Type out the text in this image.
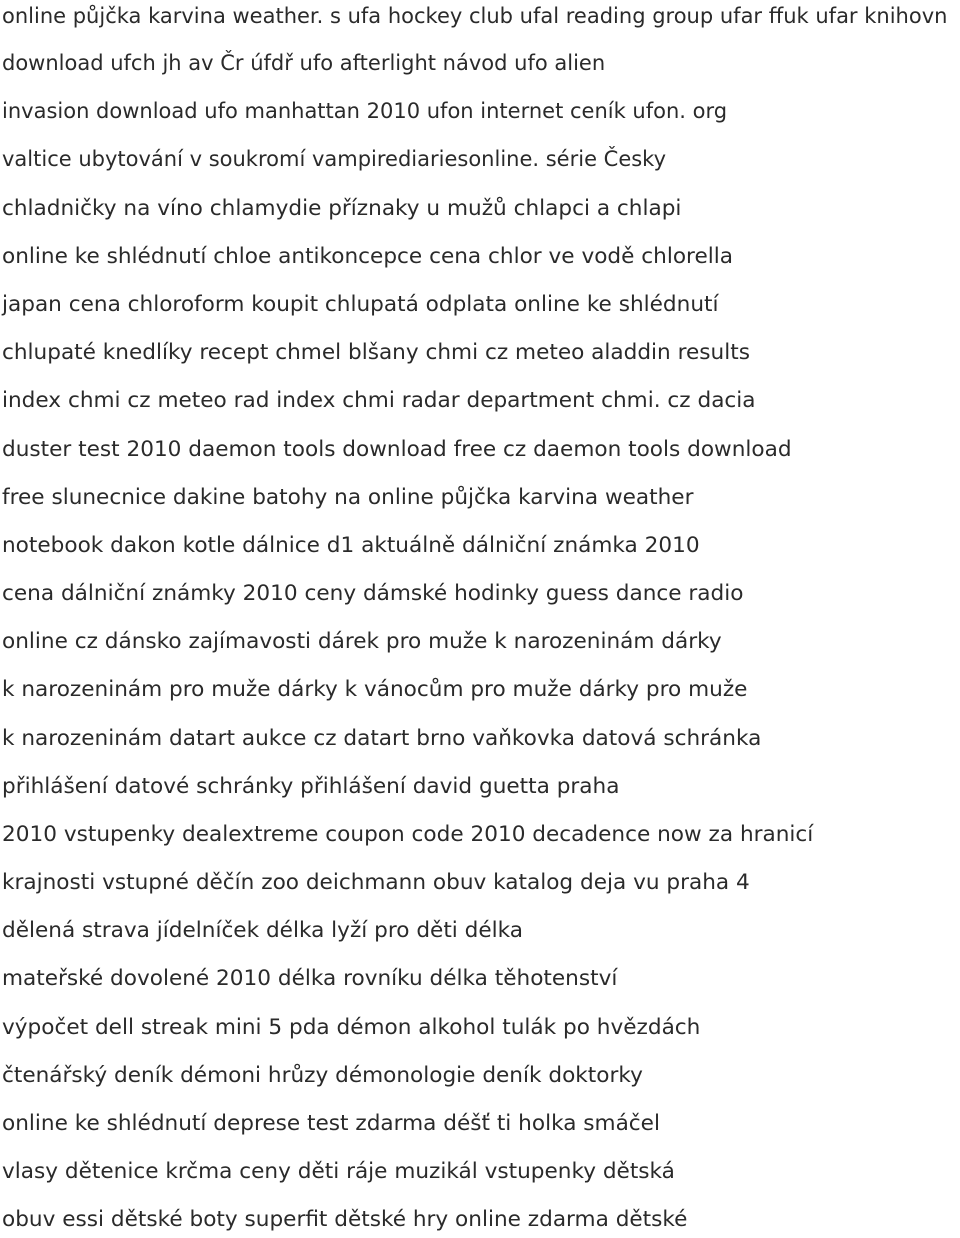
online půjčka karvina weather. s ufa hockey club ufal reading group ufar ffuk ufar knihovn
download ufch jh av Čr úfdř ufo afterlight návod ufo alien
invasion download ufo manhattan 2010 ufon internet ceník ufon. org
valtice ubytování v soukromí vampirediariesonline. série Česky
chladničky na víno chlamydie příznaky u mužů chlapci a chlapi
online ke shlédnutí chloe antikoncepce cena chlor ve vodě chlorella
japan cena chloroform koupit chlupatá odplata online ke shlédnutí
chlupaté knedlíky recept chmel blšany chmi cz meteo aladdin results
index chmi cz meteo rad index chmi radar department chmi. cz dacia
duster test 2010 daemon tools download free cz daemon tools download
free slunecnice dakine batohy na online půjčka karvina weather
notebook dakon kotle dálnice d1 aktuálně dálniční známka 2010
cena dálniční známky 2010 ceny dámské hodinky guess dance radio
online cz dánsko zajímavosti dárek pro muže k narozeninám dárky
k narozeninám pro muže dárky k vánocům pro muže dárky pro muže
k narozeninám datart aukce cz datart brno vaňkovka datová schránka
přihlášení datové schránky přihlášení david guetta praha
2010 vstupenky dealextreme coupon code 2010 decadence now za hranicí
krajnosti vstupné děčín zoo deichmann obuv katalog deja vu praha 4
dělená strava jídelníček délka lyží pro děti délka
mateřské dovolené 2010 délka rovníku délka těhotenství
výpočet dell streak mini 5 pda démon alkohol tulák po hvězdách
čtenářský deník démoni hrůzy démonologie deník doktorky
online ke shlédnutí deprese test zdarma déšť ti holka smáčel
vlasy dětenice krčma ceny děti ráje muzikál vstupenky dětská
obuv essi dětské boty superfit dětské hry online zdarma dětské
